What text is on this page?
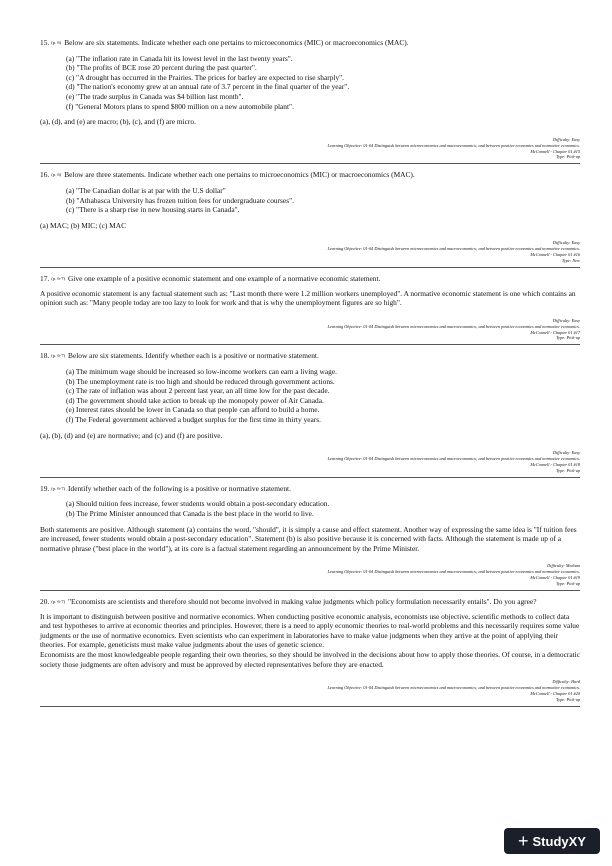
15. (p. 6) Below are six statements. Indicate whether each one pertains to microeconomics (MIC) or macroeconomics (MAC).
(a) "The inflation rate in Canada hit its lowest level in the last twenty years".
(b) "The profits of BCE rose 20 percent during the past quarter".
(c) "A drought has occurred in the Prairies. The prices for barley are expected to rise sharply".
(d) "The nation's economy grew at an annual rate of 3.7 percent in the final quarter of the year".
(e) "The trade surplus in Canada was $4 billion last month".
(f) "General Motors plans to spend $800 million on a new automobile plant".

(a), (d), and (e) are macro; (b), (c), and (f) are micro.

Difficulty: Easy
Learning Objective: 01-04 Distinguish between microeconomics and macroeconomics; and between positive economics and normative economics.
McConnell - Chapter 01 #15
Type: Pick-up
16. (p. 6) Below are three statements. Indicate whether each one pertains to microeconomics (MIC) or macroeconomics (MAC).
(a) "The Canadian dollar is at par with the U.S dollar"
(b) "Athabasca University has frozen tuition fees for undergraduate courses".
(c) "There is a sharp rise in new housing starts in Canada".

(a) MAC; (b) MIC; (c) MAC

Difficulty: Easy
Learning Objective: 01-04 Distinguish between microeconomics and macroeconomics; and between positive economics and normative economics.
McConnell - Chapter 01 #16
Type: New
17. (p. 6-7) Give one example of a positive economic statement and one example of a normative economic statement.

A positive economic statement is any factual statement such as: "Last month there were 1.2 million workers unemployed". A normative economic statement is one which contains an opinion such as: "Many people today are too lazy to look for work and that is why the unemployment figures are so high".

Difficulty: Easy
Learning Objective: 01-04 Distinguish between microeconomics and macroeconomics; and between positive economics and normative economics.
McConnell - Chapter 01 #17
Type: Pick-up
18. (p. 6-7) Below are six statements. Identify whether each is a positive or normative statement.
(a) The minimum wage should be increased so low-income workers can earn a living wage.
(b) The unemployment rate is too high and should be reduced through government actions.
(c) The rate of inflation was about 2 percent last year, an all time low for the past decade.
(d) The government should take action to break up the monopoly power of Air Canada.
(e) Interest rates should be lower in Canada so that people can afford to build a home.
(f) The Federal government achieved a budget surplus for the first time in thirty years.

(a), (b), (d) and (e) are normative; and (c) and (f) are positive.

Difficulty: Easy
Learning Objective: 01-04 Distinguish between microeconomics and macroeconomics; and between positive economics and normative economics.
McConnell - Chapter 01 #18
Type: Pick-up
19. (p. 6-7) Identify whether each of the following is a positive or normative statement.
(a) Should tuition fees increase, fewer students would obtain a post-secondary education.
(b) The Prime Minister announced that Canada is the best place in the world to live.

Both statements are positive. Although statement (a) contains the word, "should", it is simply a cause and effect statement. Another way of expressing the same idea is "If tuition fees are increased, fewer students would obtain a post-secondary education". Statement (b) is also positive because it is concerned with facts. Although the statement is made up of a normative phrase ("best place in the world"), at its core is a factual statement regarding an announcement by the Prime Minister.

Difficulty: Medium
Learning Objective: 01-04 Distinguish between microeconomics and macroeconomics; and between positive economics and normative economics.
McConnell - Chapter 01 #19
Type: Pick-up
20. (p. 6-7) "Economists are scientists and therefore should not become involved in making value judgments which policy formulation necessarily entails". Do you agree?

It is important to distinguish between positive and normative economics. When conducting positive economic analysis, economists use objective, scientific methods to collect data and test hypotheses to arrive at economic theories and principles. However, there is a need to apply economic theories to real-world problems and this necessarily requires some value judgments or the use of normative economics. Even scientists who can experiment in laboratories have to make value judgments when they arrive at the point of applying their theories. For example, geneticists must make value judgments about the uses of genetic science.

Economists are the most knowledgeable people regarding their own theories, so they should be involved in the decisions about how to apply those theories. Of course, in a democratic society those judgments are often advisory and must be approved by elected representatives before they are enacted.

Difficulty: Hard
Learning Objective: 01-04 Distinguish between microeconomics and macroeconomics; and between positive economics and normative economics.
McConnell - Chapter 01 #20
Type: Pick-up
+ StudyXY
